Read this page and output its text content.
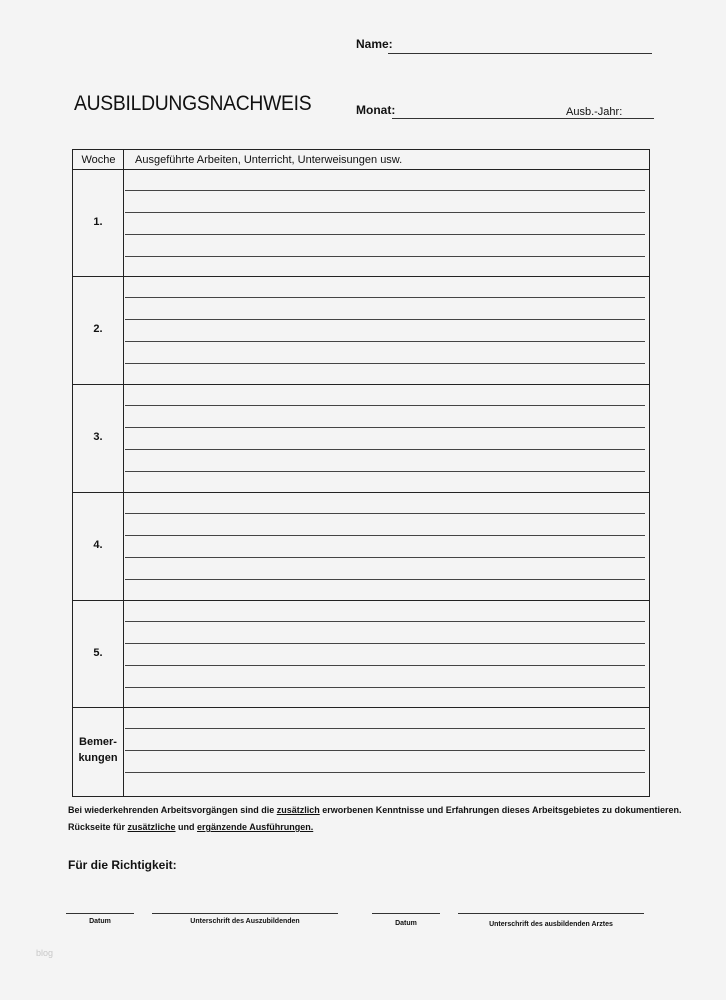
Name:
AUSBILDUNGSNACHWEIS	Monat:	Ausb.-Jahr:
Woche	Ausgeführte Arbeiten, Unterricht, Unterweisungen usw.
1.
2.
3.
4.
5.
Bemer-
kungen
Bei wiederkehrenden Arbeitsvorgängen sind die zusätzlich erworbenen Kenntnisse und Erfahrungen dieses Arbeitsgebietes zu dokumentieren.
Rückseite für zusätzliche und ergänzende Ausführungen.
Für die Richtigkeit:
Datum	Unterschrift des Auszubildenden	Datum	Unterschrift des ausbildenden Arztes
blog
